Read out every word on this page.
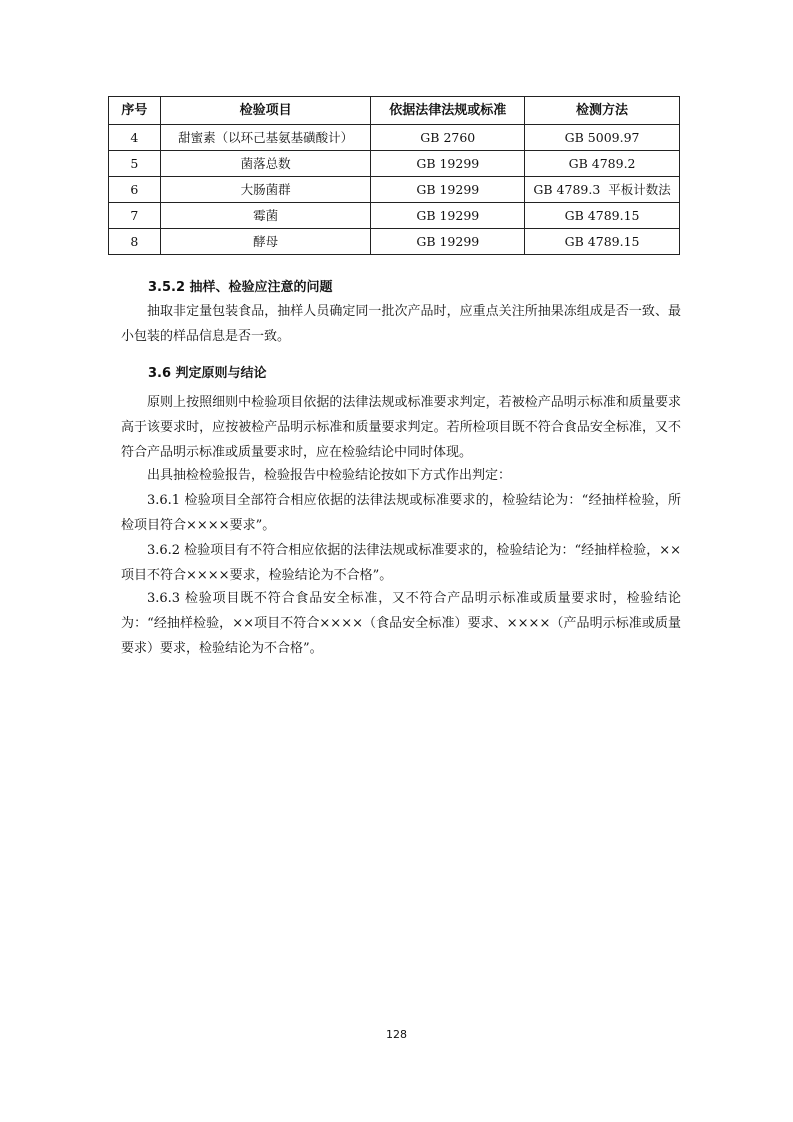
序号	检验项目	依据法律法规或标准	检测方法
4	甜蜜素（以环己基氨基磺酸计）	GB 2760	GB 5009.97
5	菌落总数	GB 19299	GB 4789.2
6	大肠菌群	GB 19299	GB 4789.3  平板计数法
7	霉菌	GB 19299	GB 4789.15
8	酵母	GB 19299	GB 4789.15
3.5.2 抽样、检验应注意的问题

抽取非定量包装食品，抽样人员确定同一批次产品时，应重点关注所抽果冻组成是否一致、最小包装的样品信息是否一致。

3.6 判定原则与结论

原则上按照细则中检验项目依据的法律法规或标准要求判定，若被检产品明示标准和质量要求高于该要求时，应按被检产品明示标准和质量要求判定。若所检项目既不符合食品安全标准，又不符合产品明示标准或质量要求时，应在检验结论中同时体现。

出具抽检检验报告，检验报告中检验结论按如下方式作出判定：

3.6.1 检验项目全部符合相应依据的法律法规或标准要求的，检验结论为：“经抽样检验，所检项目符合××××要求”。

3.6.2 检验项目有不符合相应依据的法律法规或标准要求的，检验结论为：“经抽样检验，××项目不符合××××要求，检验结论为不合格”。

3.6.3 检验项目既不符合食品安全标准，又不符合产品明示标准或质量要求时，检验结论为：“经抽样检验，××项目不符合××××（食品安全标准）要求、××××（产品明示标准或质量要求）要求，检验结论为不合格”。

128
